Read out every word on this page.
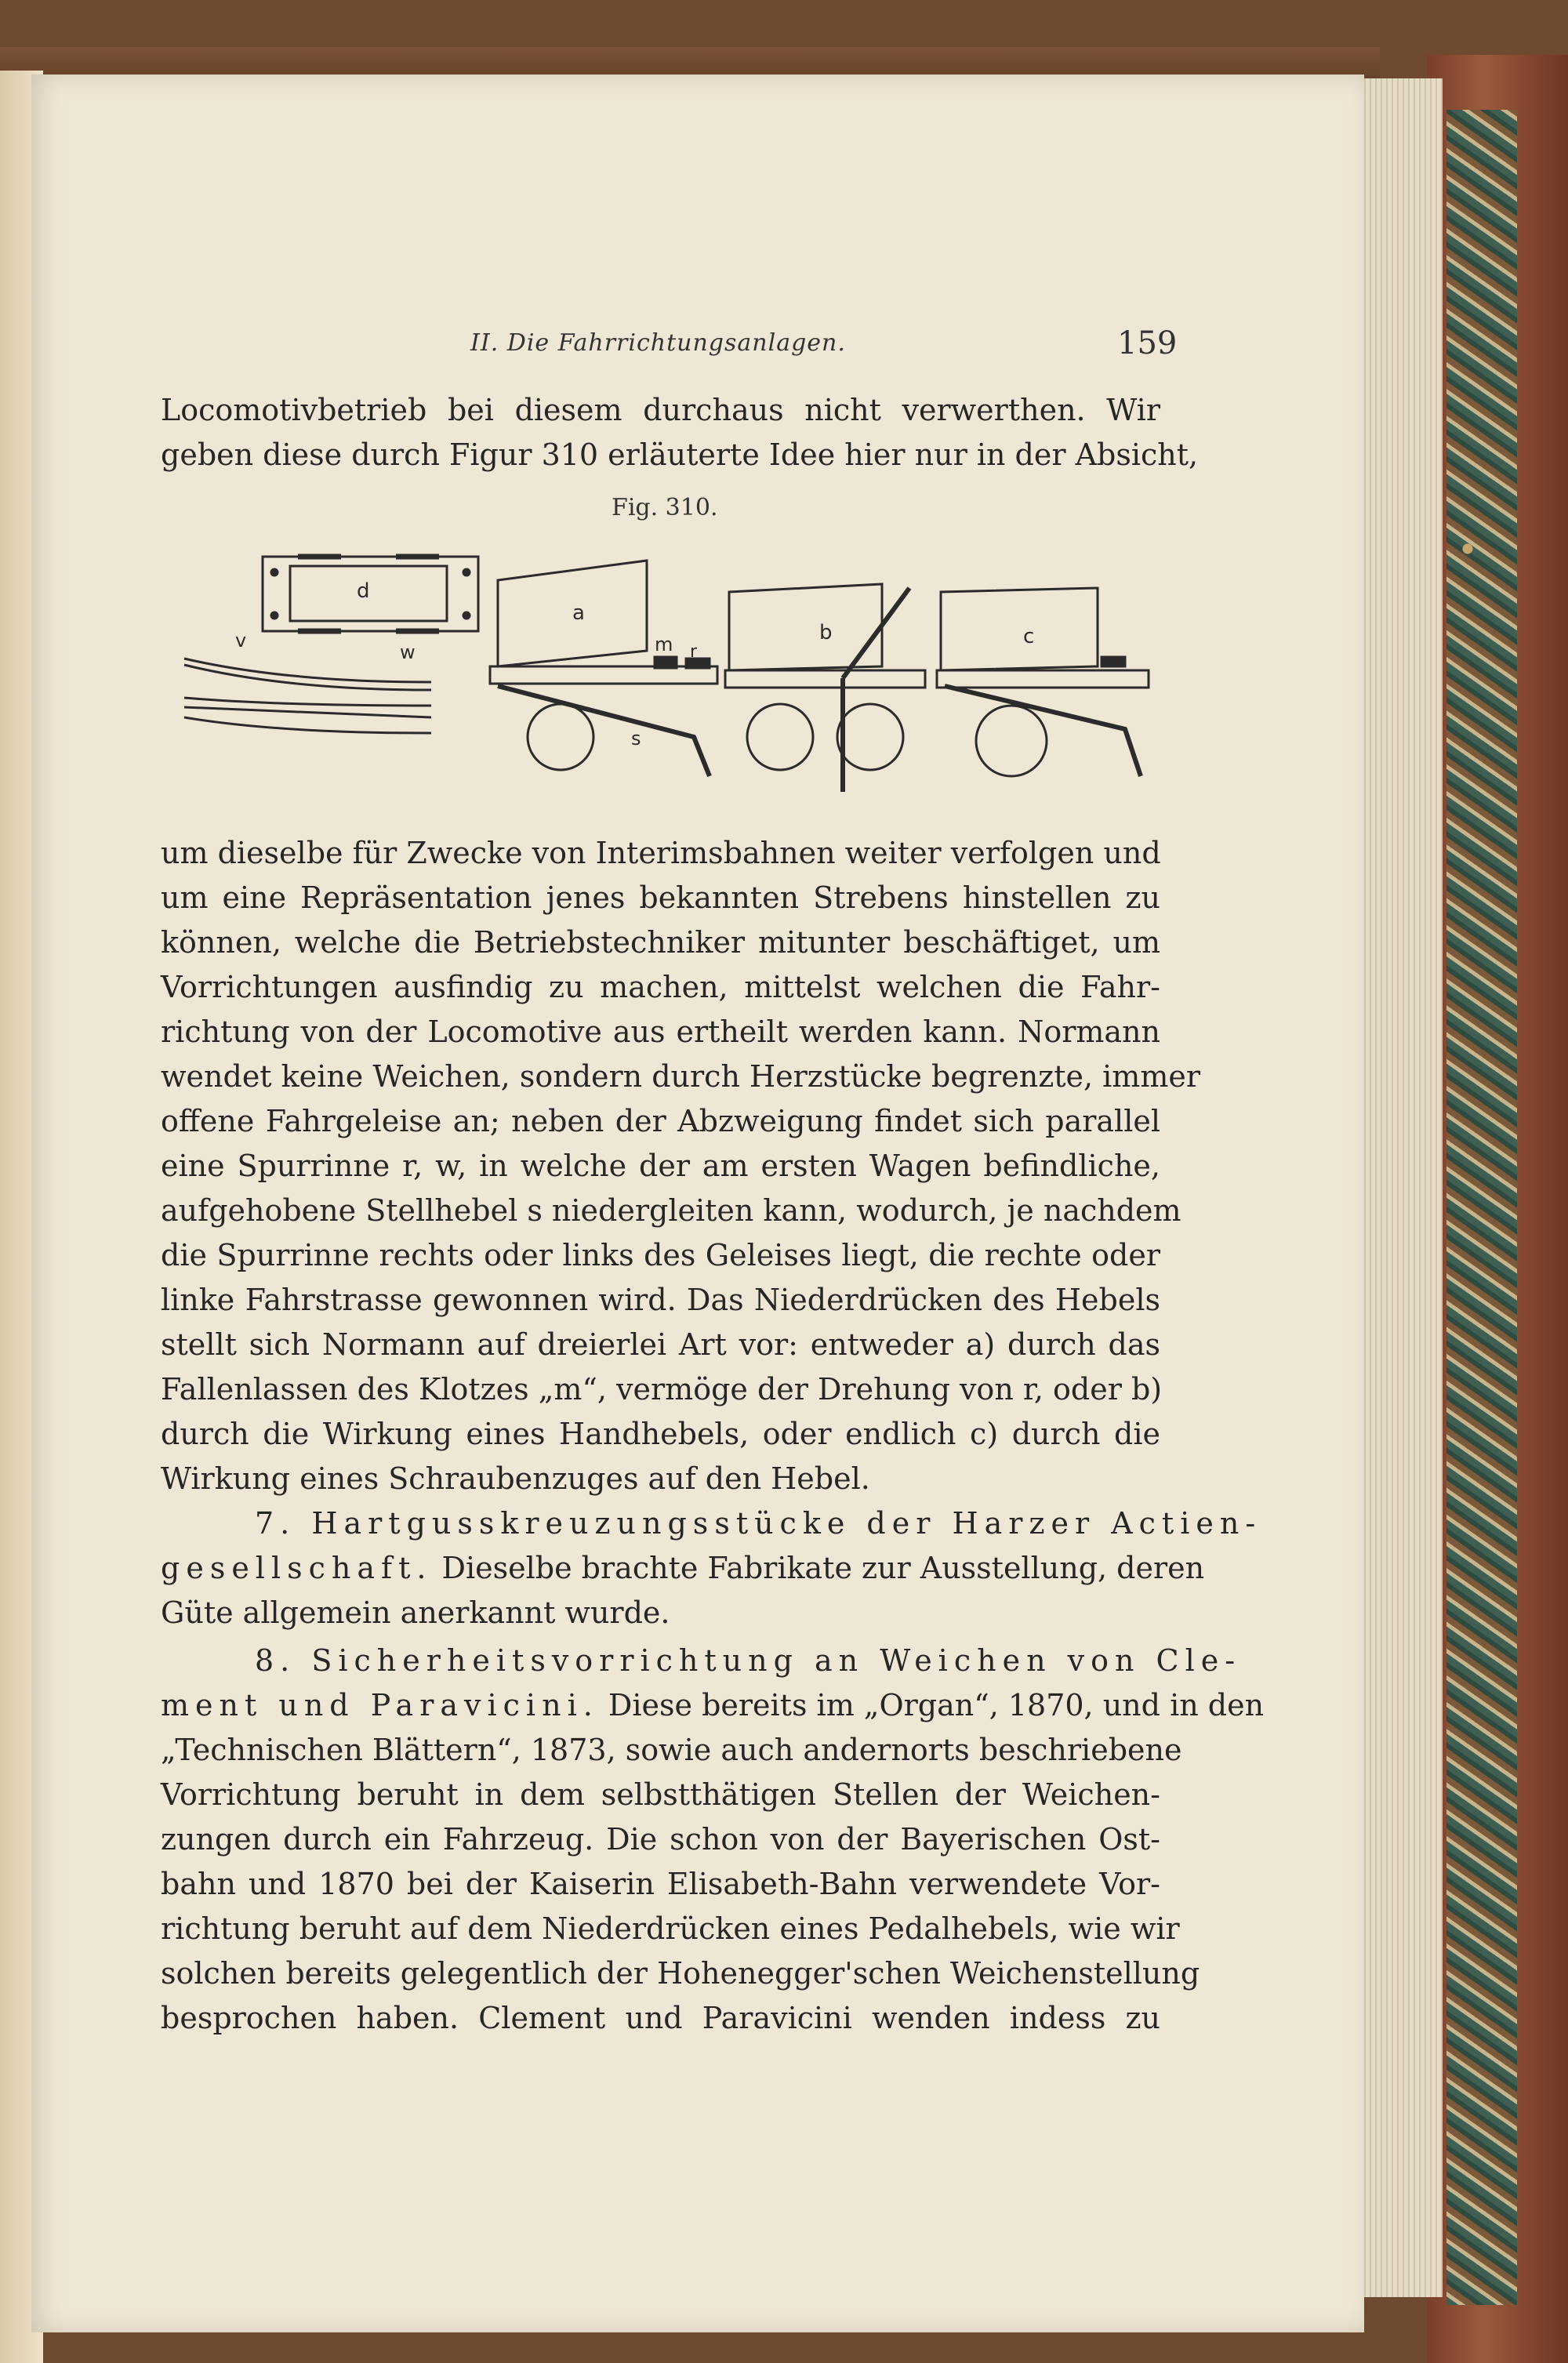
II. Die Fahrrichtungsanlagen.	159
Locomotivbetrieb bei diesem durchaus nicht verwerthen. Wir
geben diese durch Figur 310 erläuterte Idee hier nur in der Absicht,
Fig. 310.
d
v
w
a
m r
s
b	c
um dieselbe für Zwecke von Interimsbahnen weiter verfolgen und
um eine Repräsentation jenes bekannten Strebens hinstellen zu
können, welche die Betriebstechniker mitunter beschäftiget, um
Vorrichtungen ausfindig zu machen, mittelst welchen die Fahr-
richtung von der Locomotive aus ertheilt werden kann. Normann
wendet keine Weichen, sondern durch Herzstücke begrenzte, immer
offene Fahrgeleise an; neben der Abzweigung findet sich parallel
eine Spurrinne r, w, in welche der am ersten Wagen befindliche,
aufgehobene Stellhebel s niedergleiten kann, wodurch, je nachdem
die Spurrinne rechts oder links des Geleises liegt, die rechte oder
linke Fahrstrasse gewonnen wird. Das Niederdrücken des Hebels
stellt sich Normann auf dreierlei Art vor: entweder a) durch das
Fallenlassen des Klotzes „m“, vermöge der Drehung von r, oder b)
durch die Wirkung eines Handhebels, oder endlich c) durch die
Wirkung eines Schraubenzuges auf den Hebel.
7. Hartgusskreuzungsstücke der Harzer Actien-
gesellschaft. Dieselbe brachte Fabrikate zur Ausstellung, deren
Güte allgemein anerkannt wurde.
8. Sicherheitsvorrichtung an Weichen von Cle-
ment und Paravicini. Diese bereits im „Organ“, 1870, und in den
„Technischen Blättern“, 1873, sowie auch andernorts beschriebene
Vorrichtung beruht in dem selbstthätigen Stellen der Weichen-
zungen durch ein Fahrzeug. Die schon von der Bayerischen Ost-
bahn und 1870 bei der Kaiserin Elisabeth-Bahn verwendete Vor-
richtung beruht auf dem Niederdrücken eines Pedalhebels, wie wir
solchen bereits gelegentlich der Hohenegger'schen Weichenstellung
besprochen haben. Clement und Paravicini wenden indess zu
